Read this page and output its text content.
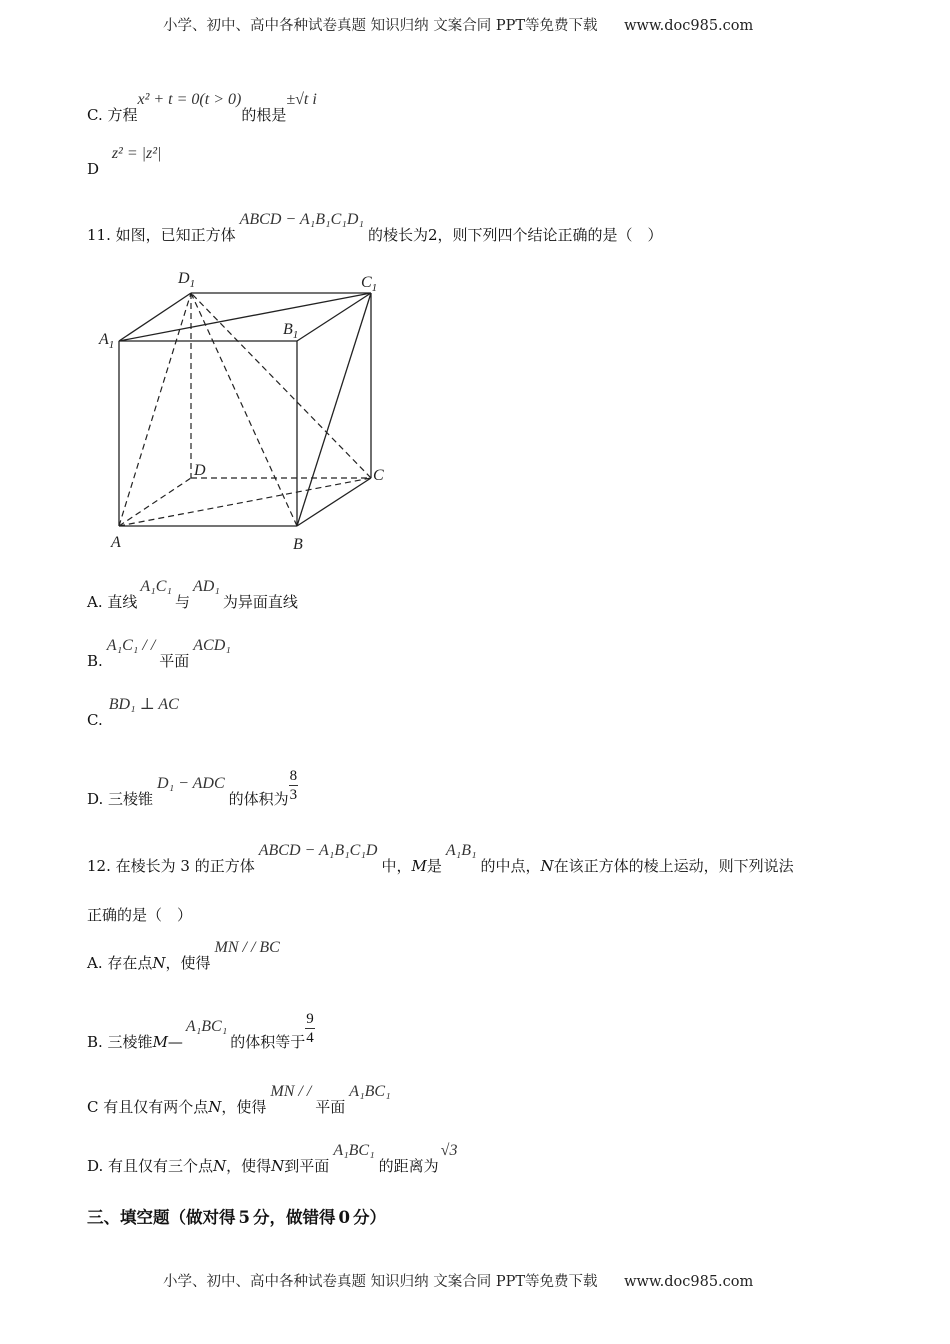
小学、初中、高中各种试卷真题 知识归纳 文案合同 PPT等免费下载 www.doc985.com
C. 方程x² + t = 0(t > 0)的根是±√t i
D z² = |z²|
11. 如图，已知正方体ABCD − A₁B₁C₁D₁的棱长为2，则下列四个结论正确的是（　）
$D_1$	$C_1$
$A_1$
$B_1$
D	C
A	B
A. 直线A₁C₁与AD₁为异面直线
B.A₁C₁ / /平面ACD₁
C.BD₁ ⊥ AC
D. 三棱锥D₁ − ADC的体积为 $\frac{8}{3}$
12. 在棱长为 3 的正方体ABCD − A₁B₁C₁D中，M是A₁B₁的中点，N在该正方体的棱上运动，则下列说法
正确的是（　）
A. 存在点N，使得MN / / BC
B. 三棱锥M—A₁BC₁的体积等于 $\frac{9}{4}$
C 有且仅有两个点N，使得MN / /平面A₁BC₁
D. 有且仅有三个点N，使得N到平面A₁BC₁的距离为√3
三、填空题（做对得 5 分，做错得 0 分）
小学、初中、高中各种试卷真题 知识归纳 文案合同 PPT等免费下载 www.doc985.com
